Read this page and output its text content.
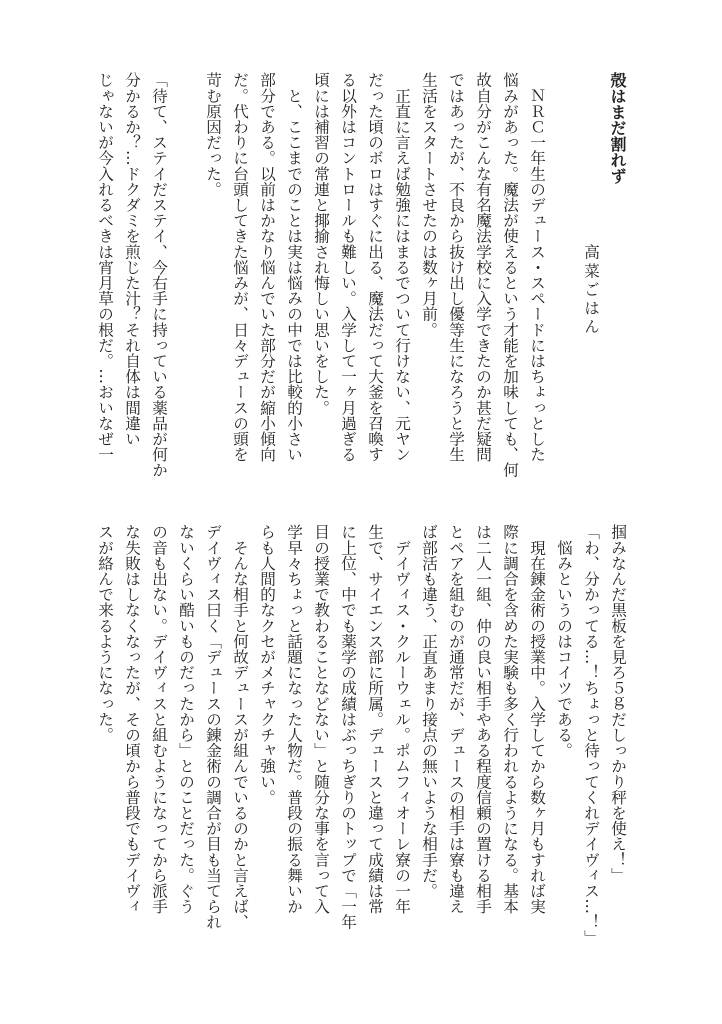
殻はまだ割れず
高菜ごはん
　ＮＲＣ一年生のデュース・スペードにはちょっとした
悩みがあった。魔法が使えるという才能を加味しても、何
故自分がこんな有名魔法学校に入学できたのか甚だ疑問
ではあったが、不良から抜け出し優等生になろうと学生
生活をスタートさせたのは数ヶ月前。
　正直に言えば勉強にはまるでついて行けない、元ヤン
だった頃のボロはすぐに出る、魔法だって大釜を召喚す
る以外はコントロールも難しい。入学して一ヶ月過ぎる
頃には補習の常連と揶揄され悔しい思いをした。
　と、ここまでのことは実は悩みの中では比較的小さい
部分である。以前はかなり悩んでいた部分だが縮小傾向
だ。代わりに台頭してきた悩みが、日々デュースの頭を
苛む原因だった。
「待て、ステイだステイ、今右手に持っている薬品が何か
分かるか？…ドクダミを煎じた汁？それ自体は間違い
じゃないが今入れるべきは宵月草の根だ。…おいなぜ一
掴みなんだ黒板を見ろ５ｇだしっかり秤を使え！」
「わ、分かってる…！ちょっと待ってくれデイヴィス…！」
　悩みというのはコイツである。
　現在錬金術の授業中。入学してから数ヶ月もすれば実
際に調合を含めた実験も多く行われるようになる。基本
は二人一組、仲の良い相手やある程度信頼の置ける相手
とペアを組むのが通常だが、デュースの相手は寮も違え
ば部活も違う、正直あまり接点の無いような相手だ。
　デイヴィス・クルーウェル。ポムフィオーレ寮の一年
生で、サイエンス部に所属。デュースと違って成績は常
に上位、中でも薬学の成績はぶっちぎりのトップで「一年
目の授業で教わることなどない」と随分な事を言って入
学早々ちょっと話題になった人物だ。普段の振る舞いか
らも人間的なクセがメチャクチャ強い。
　そんな相手と何故デュースが組んでいるのかと言えば、
デイヴィス曰く「デュースの錬金術の調合が目も当てられ
ないくらい酷いものだったから」とのことだった。ぐう
の音も出ない。デイヴィスと組むようになってから派手
な失敗はしなくなったが、その頃から普段でもデイヴィ
スが絡んで来るようになった。
